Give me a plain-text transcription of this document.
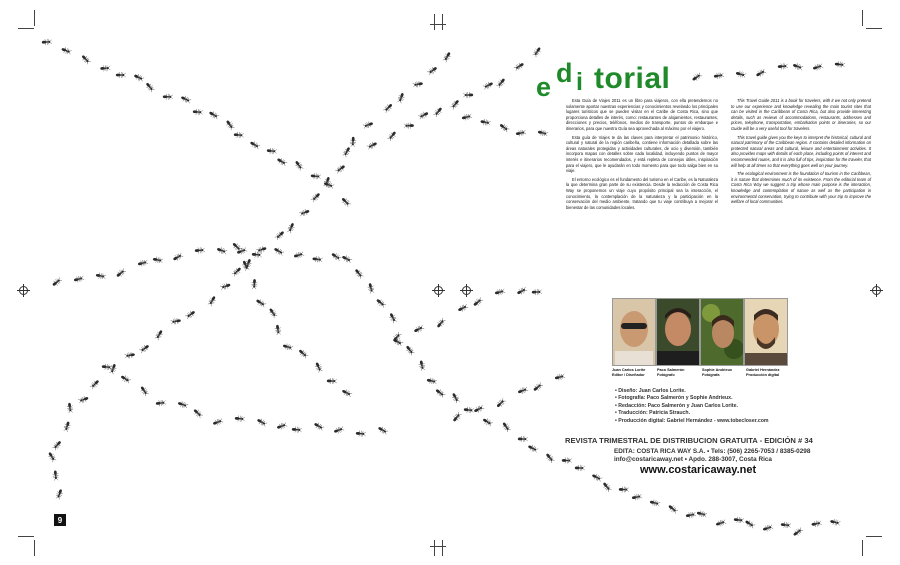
e d i torial

Esta Guía de Viajes 2011 es un libro para viajeros, con ella pretendemos no solamente aportar nuestras experiencias y conocimientos revelando los principales lugares turísticos que se pueden visitar en el Caribe de Costa Rica, sino que proporciona detalles de interés, como: restaurantes de alojamientos, restaurantes, direcciones y precios, teléfonos, medios de transporte, puntos de embarque e itinerarios, para que nuestra Guía sea aprovechada al máximo por el viajero.

Esta guía de Viajes te da las claves para interpretar el patrimonio histórico, cultural y natural de la región caribeña, contiene información detallada sobre las áreas naturales protegidas y actividades culturales, de ocio y diversión, también incorpora mapas con detalles sobre cada localidad, incluyendo puntos de mayor interés e itinerarios recomendados, y está repleta de consejos útiles, inspiración para el viajero, que le ayudarán en todo momento para que todo salga bien en su viaje.

El entorno ecológico es el fundamento del turismo en el Caribe, es la Naturaleza la que determina gran parte de su existencia. Desde la redacción de Costa Rica Way se proponemos un viaje cuyo propósito principal sea la interacción, el conocimiento, la contemplación de la naturaleza y la participación en la conservación del medio ambiente, tratando que tu viaje contribuya a mejorar el bienestar de las comunidades locales.

This Travel Guide 2011 is a book for travelers, with it we not only pretend to use our experience and knowledge revealing the main tourist sites that can be visited in the Caribbean of Costa Rica, but also provide interesting details, such as reviews of accommodations, restaurants, addresses and prices, telephone, transportation, embarkation points or itineraries, so our Guide will be a very useful tool for travelers.

This travel guide gives you the keys to interpret the historical, cultural and natural patrimony of the Caribbean region. It contains detailed information on protected natural areas and cultural, leisure and entertainment activities. It also provides maps with details of each place, including points of interest and recommended routes, and it is also full of tips, inspiration for the traveler, that will help at all times so that everything goes well on your journey.

The ecological environment is the foundation of tourism in the Caribbean, it is nature that determines much of its existence. From the editorial team of Costa Rica Way we suggest a trip whose main purpose is the interaction, knowledge and contemplation of nature as well as the participation in environmental conservation, trying to contribute with your trip to improve the welfare of local communities.

Juan Carlos Lorite
Editor / Diseñador
Paco Salmerón
Fotógrafo
Sophie Andrieux
Fotógrafa
Gabriel Hernández
Producción digital
• Diseño: Juan Carlos Lorite.
• Fotografía: Paco Salmerón y Sophie Andrieux.
• Redacción: Paco Salmerón y Juan Carlos Lorite.
• Traducción: Patricia Strauch.
• Producción digital: Gabriel Hernández - www.tobecloser.com
REVISTA TRIMESTRAL DE DISTRIBUCION GRATUITA - EDICIÓN # 34
EDITA: COSTA RICA WAY S.A. • Tels: (506) 2265-7053 / 8385-0298
info@costaricaway.net • Apdo. 288-3007, Costa Rica
www.costaricaway.net
9
